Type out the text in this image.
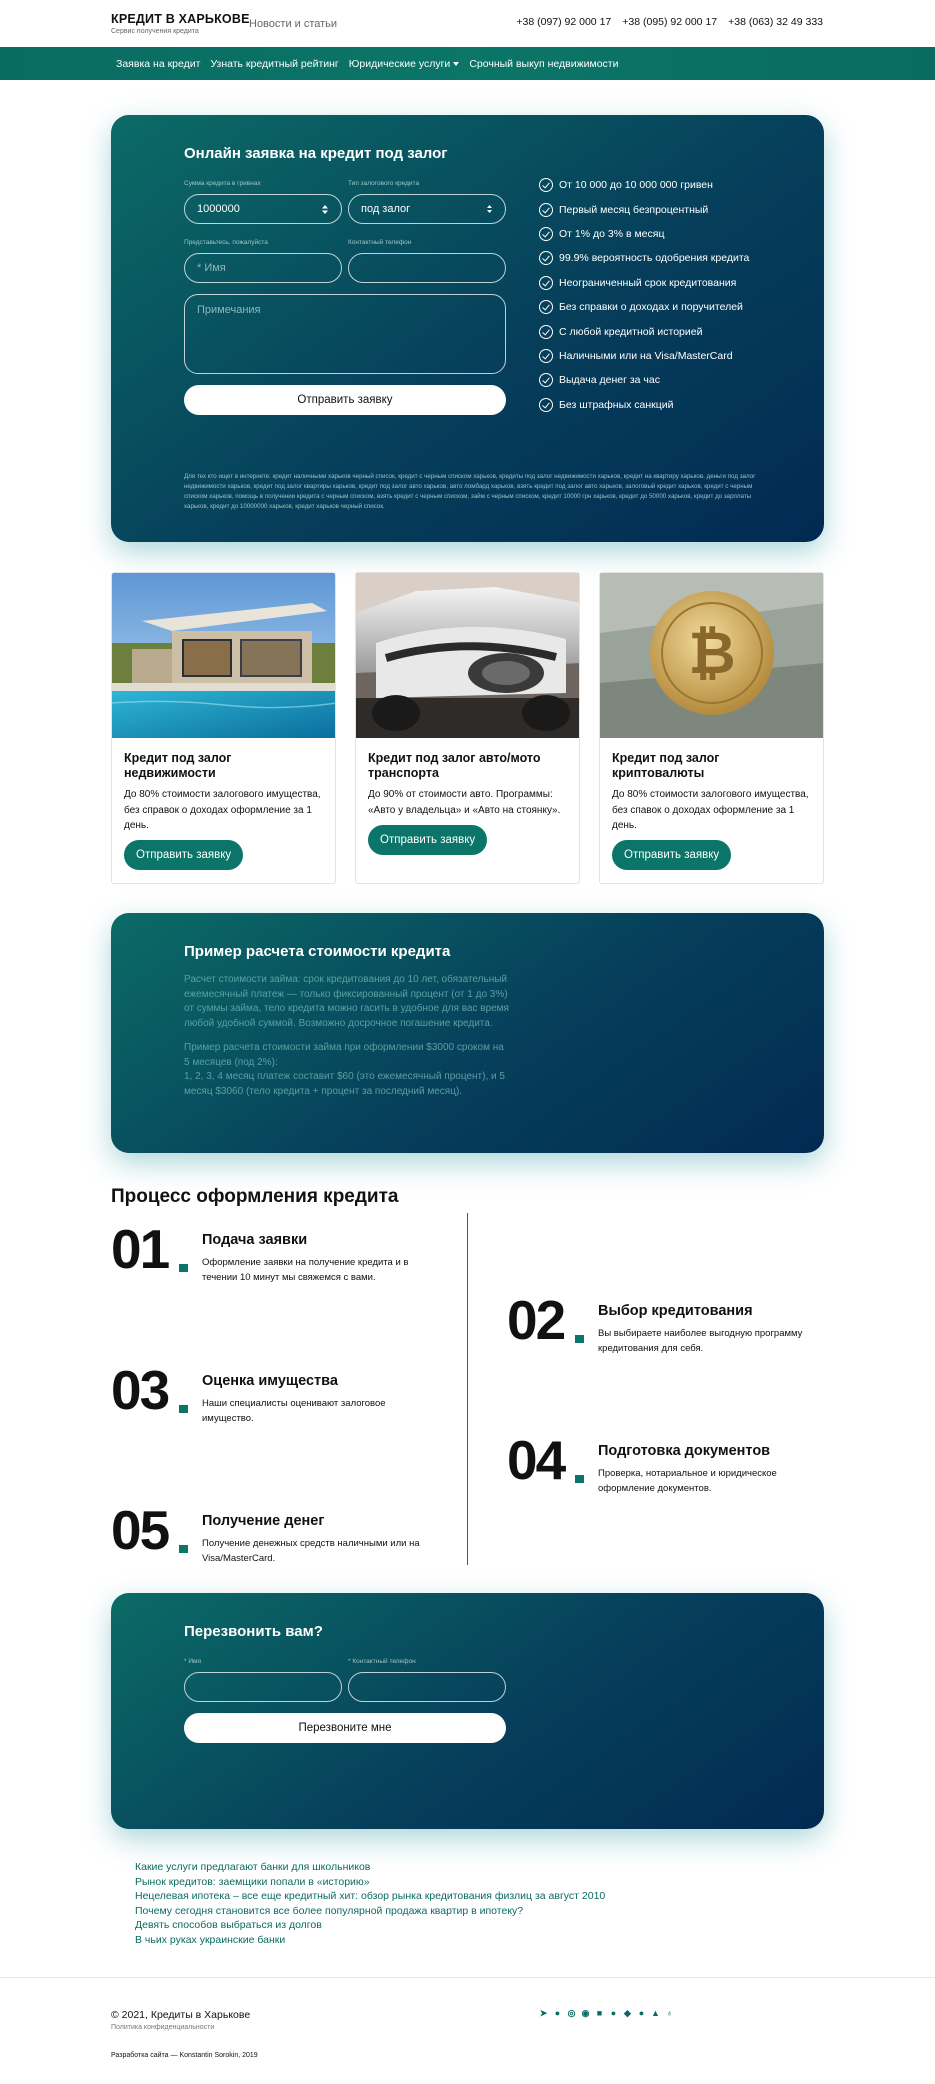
КРЕДИТ В ХАРЬКОВЕ
Сервис получения кредита
Новости и статьи	+38 (097) 92 000 17 +38 (095) 92 000 17 +38 (063) 32 49 333
Заявка на кредит Узнать кредитный рейтинг Юридические услуги	Срочный выкуп недвижимости
Онлайн заявка на кредит под залог
Сумма кредита в гривнах
1000000
Тип залогового кредита
под залог
Представьтесь, пожалуйста
* Имя
Контактный телефон
Примечания
Отправить заявку
От 10 000 до 10 000 000 гривен
Первый месяц безпроцентный
От 1% до 3% в месяц
99.9% вероятность одобрения кредита
Неограниченный срок кредитования
Без справки о доходах и поручителей
С любой кредитной историей
Наличными или на Visa/MasterCard
Выдача денег за час
Без штрафных санкций
Для тех кто ищет в интернете: кредит наличными харьков черный список, кредит с черным списком харьков, кредиты под залог недвижимости харьков, кредит на квартиру харьков, деньги под залог недвижимости харьков, кредит под залог квартиры харьков, кредит под залог авто харьков, авто ломбард харьков, взять кредит под залог авто харьков, залоговый кредит харьков, кредит с черным списком харьков, помощь в получении кредита с черным списком, взять кредит с черным списком, займ с черным списком, кредит 10000 грн харьков, кредит до 50000 харьков, кредит до зарплаты харьков, кредит до 10000000 харьков, кредит харьков черный список.
Кредит под залог недвижимости
До 80% стоимости залогового имущества, без справок о доходах оформление за 1 день.
Отправить заявку
Кредит под залог авто/мото транспорта
До 90% от стоимости авто. Программы: «Авто у владельца» и «Авто на стоянку».
Отправить заявку
₿
Кредит под залог криптовалюты
До 80% стоимости залогового имущества, без спавок о доходах оформление за 1 день.
Отправить заявку
Пример расчета стоимости кредита
Расчет стоимости займа: срок кредитования до 10 лет, обязательный ежемесячный платеж — только фиксированный процент (от 1 до 3%) от суммы займа, тело кредита можно гасить в удобное для вас время любой удобной суммой. Возможно досрочное погашение кредита.
Пример расчета стоимости займа при оформлении $3000 сроком на 5 месяцев (под 2%):
1, 2, 3, 4 месяц платеж составит $60 (это ежемесячный процент), и 5 месяц $3060 (тело кредита + процент за последний месяц).
Процесс оформления кредита
01 Подача заявки
Оформление заявки на получение кредита и в течении 10 минут мы свяжемся с вами.
02 Выбор кредитования
Вы выбираете наиболее выгодную программу кредитования для себя.
03 Оценка имущества
Наши специалисты оценивают залоговое имущество.
04 Подготовка документов
Проверка, нотариальное и юридическое оформление документов.
05 Получение денег
Получение денежных средств наличными или на Visa/MasterCard.
Перезвонить вам?
* Имя	* Контактный телефон
Перезвоните мне
Какие услуги предлагают банки для школьников
Рынок кредитов: заемщики попали в «историю»
Нецелевая ипотека – все еще кредитный хит: обзор рынка кредитования физлиц за август 2010
Почему сегодня становится все более популярной продажа квартир в ипотеку?
Девять способов выбраться из долгов
В чьих руках украинские банки
© 2021, Кредиты в Харькове
Политика конфиденциальности
Разработка сайта — Konstantin Sorokin, 2019
➤ ● ◎ ◉ ■ ● ◆ ● ▲ ♁
